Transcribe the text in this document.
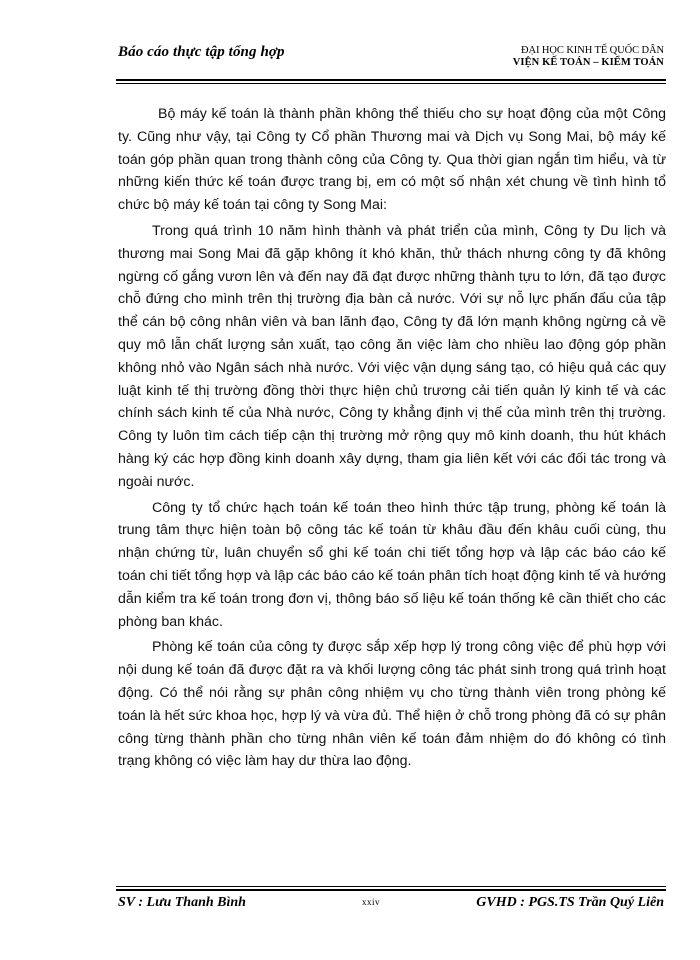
Báo cáo thực tập tổng hợp	ĐẠI HỌC KINH TẾ QUỐC DÂN
VIỆN KẾ TOÁN – KIỂM TOÁN

Bộ máy kế toán là thành phần không thể thiếu cho sự hoạt động của một Công ty. Cũng như vậy, tại Công ty Cổ phần Thương mai và Dịch vụ Song Mai, bộ máy kế toán góp phần quan trong thành công của Công ty. Qua thời gian ngắn tìm hiểu, và từ những kiến thức kế toán được trang bị, em có một số nhận xét chung về tình hình tổ chức bộ máy kế toán tại công ty Song Mai:

Trong quá trình 10 năm hình thành và phát triển của mình, Công ty Du lịch và thương mai Song Mai đã gặp không ít khó khăn, thử thách nhưng công ty đã không ngừng cố gắng vươn lên và đến nay đã đạt được những thành tựu to lớn, đã tạo được chỗ đứng cho mình trên thị trường địa bàn cả nước. Với sự nỗ lực phấn đấu của tập thể cán bộ công nhân viên và ban lãnh đạo, Công ty đã lớn mạnh không ngừng cả về quy mô lẫn chất lượng sản xuất, tạo công ăn việc làm cho nhiều lao động góp phần không nhỏ vào Ngân sách nhà nước. Với việc vận dụng sáng tạo, có hiệu quả các quy luật kinh tế thị trường đồng thời thực hiện chủ trương cải tiến quản lý kinh tế và các chính sách kinh tế của Nhà nước, Công ty khẳng định vị thế của mình trên thị trường. Công ty luôn tìm cách tiếp cận thị trường mở rộng quy mô kinh doanh, thu hút khách hàng ký các hợp đồng kinh doanh xây dựng, tham gia liên kết với các đối tác trong và ngoài nước.

Công ty tổ chức hạch toán kế toán theo hình thức tập trung, phòng kế toán là trung tâm thực hiện toàn bộ công tác kế toán từ khâu đầu đến khâu cuối cùng, thu nhận chứng từ, luân chuyển sổ ghi kế toán chi tiết tổng hợp và lập các báo cáo kế toán chi tiết tổng hợp và lập các báo cáo kế toán phân tích hoạt động kinh tế và hướng dẫn kiểm tra kế toán trong đơn vị, thông báo số liệu kế toán thống kê cần thiết cho các phòng ban khác.

Phòng kế toán của công ty được sắp xếp hợp lý trong công việc để phù hợp với nội dung kế toán đã được đặt ra và khối lượng công tác phát sinh trong quá trình hoạt động. Có thể nói rằng sự phân công nhiệm vụ cho từng thành viên trong phòng kế toán là hết sức khoa học, hợp lý và vừa đủ. Thể hiện ở chỗ trong phòng đã có sự phân công từng thành phần cho từng nhân viên kế toán đảm nhiệm do đó không có tình trạng không có việc làm hay dư thừa lao động.

SV : Lưu Thanh Bình	xxiv	GVHD : PGS.TS Trần Quý Liên
